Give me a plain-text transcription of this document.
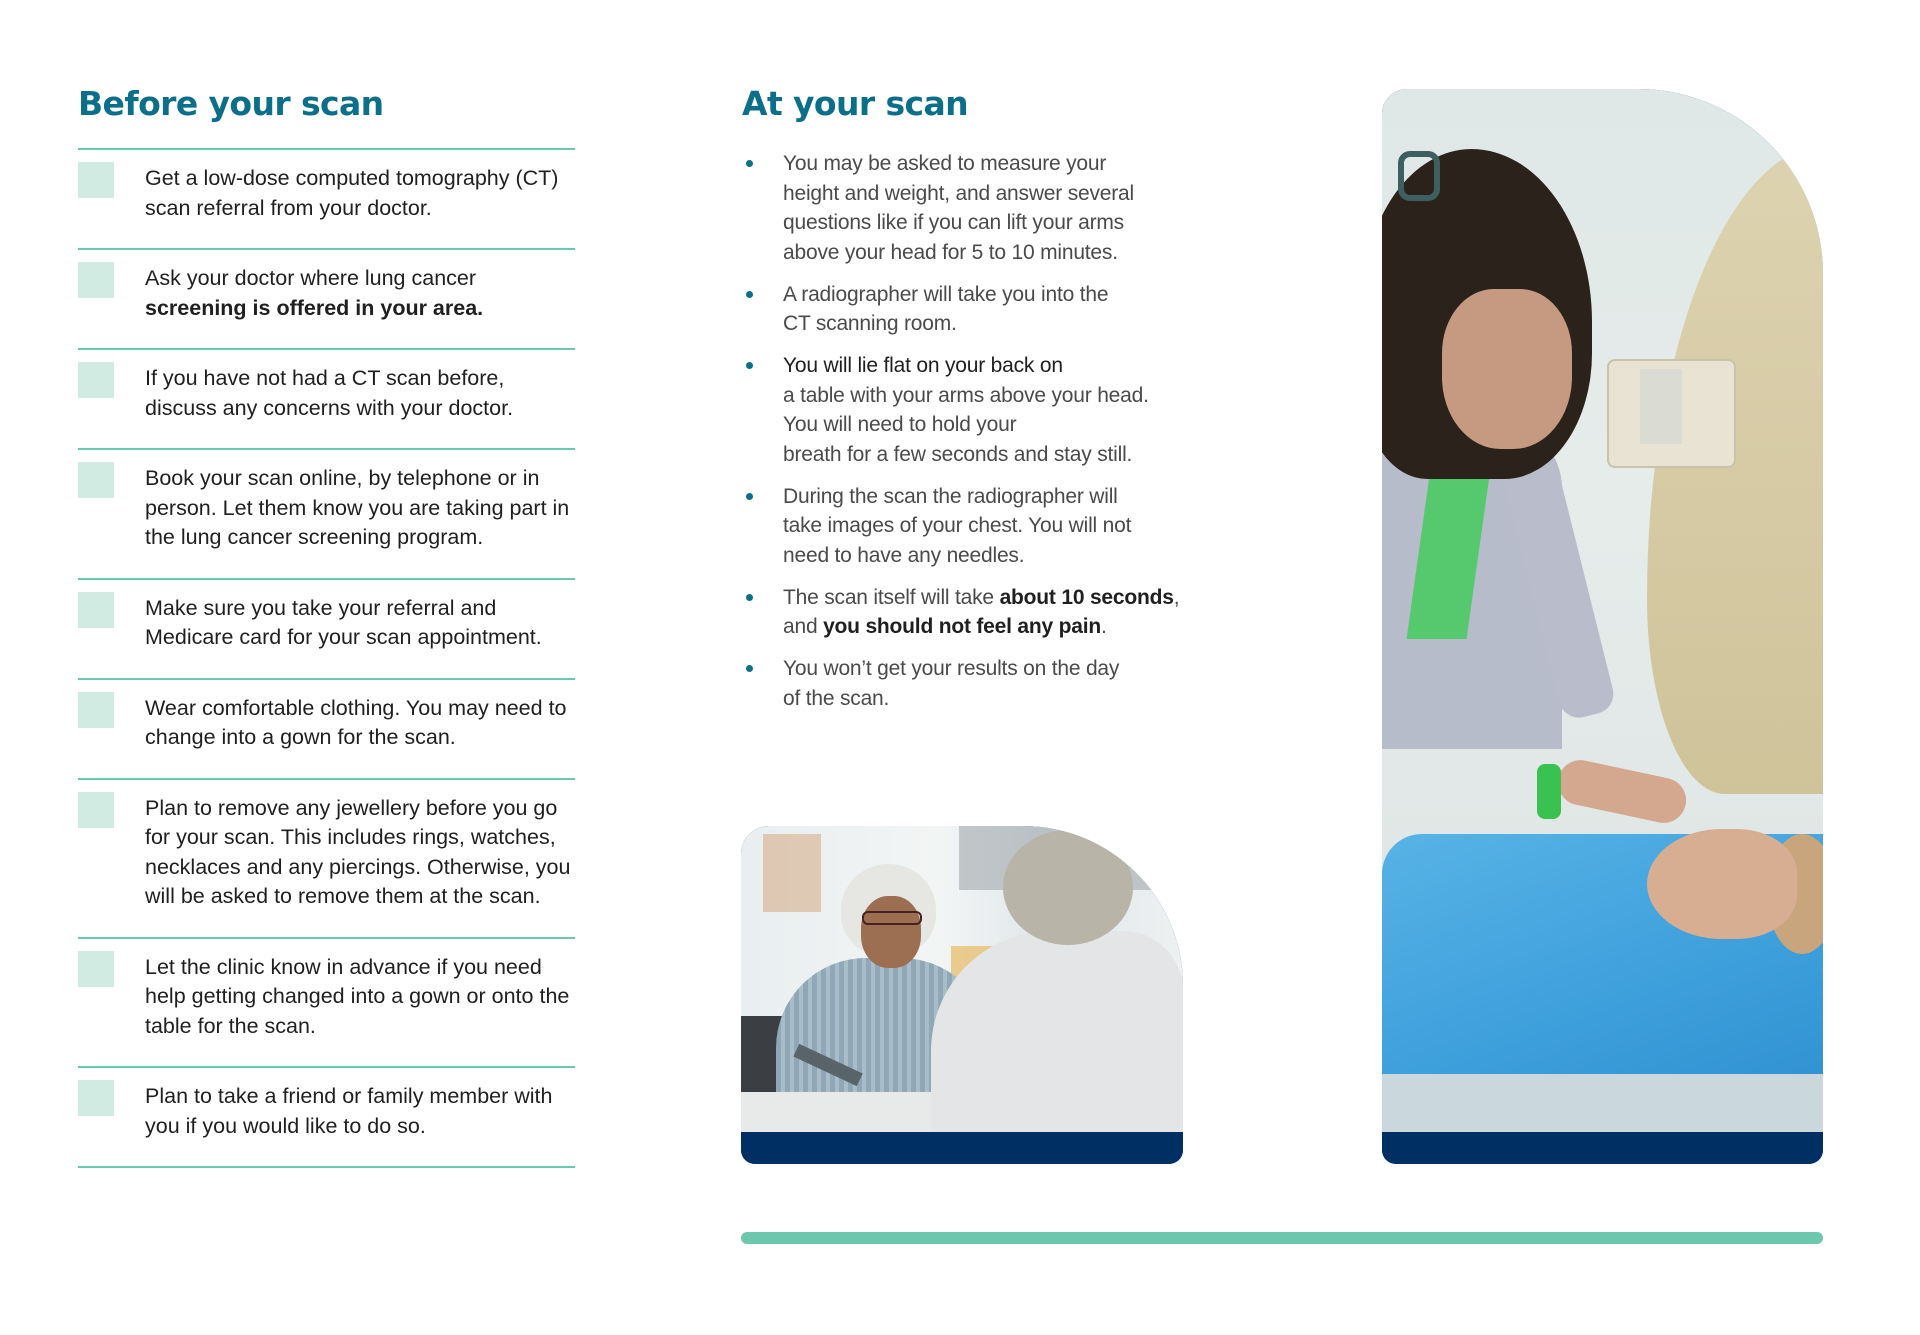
Before your scan
Get a low-dose computed tomography (CT) scan referral from your doctor.
Ask your doctor where lung cancer screening is offered in your area.
If you have not had a CT scan before, discuss any concerns with your doctor.
Book your scan online, by telephone or in person. Let them know you are taking part in the lung cancer screening program.
Make sure you take your referral and Medicare card for your scan appointment.
Wear comfortable clothing. You may need to change into a gown for the scan.
Plan to remove any jewellery before you go for your scan. This includes rings, watches, necklaces and any piercings. Otherwise, you will be asked to remove them at the scan.
Let the clinic know in advance if you need help getting changed into a gown or onto the table for the scan.
Plan to take a friend or family member with you if you would like to do so.
At your scan
You may be asked to measure your
height and weight, and answer several
questions like if you can lift your arms
above your head for 5 to 10 minutes.
A radiographer will take you into the
CT scanning room.
You will lie flat on your back on
a table with your arms above your head.
You will need to hold your
breath for a few seconds and stay still.
During the scan the radiographer will
take images of your chest. You will not
need to have any needles.
The scan itself will take about 10 seconds,
and you should not feel any pain.
You won’t get your results on the day
of the scan.
